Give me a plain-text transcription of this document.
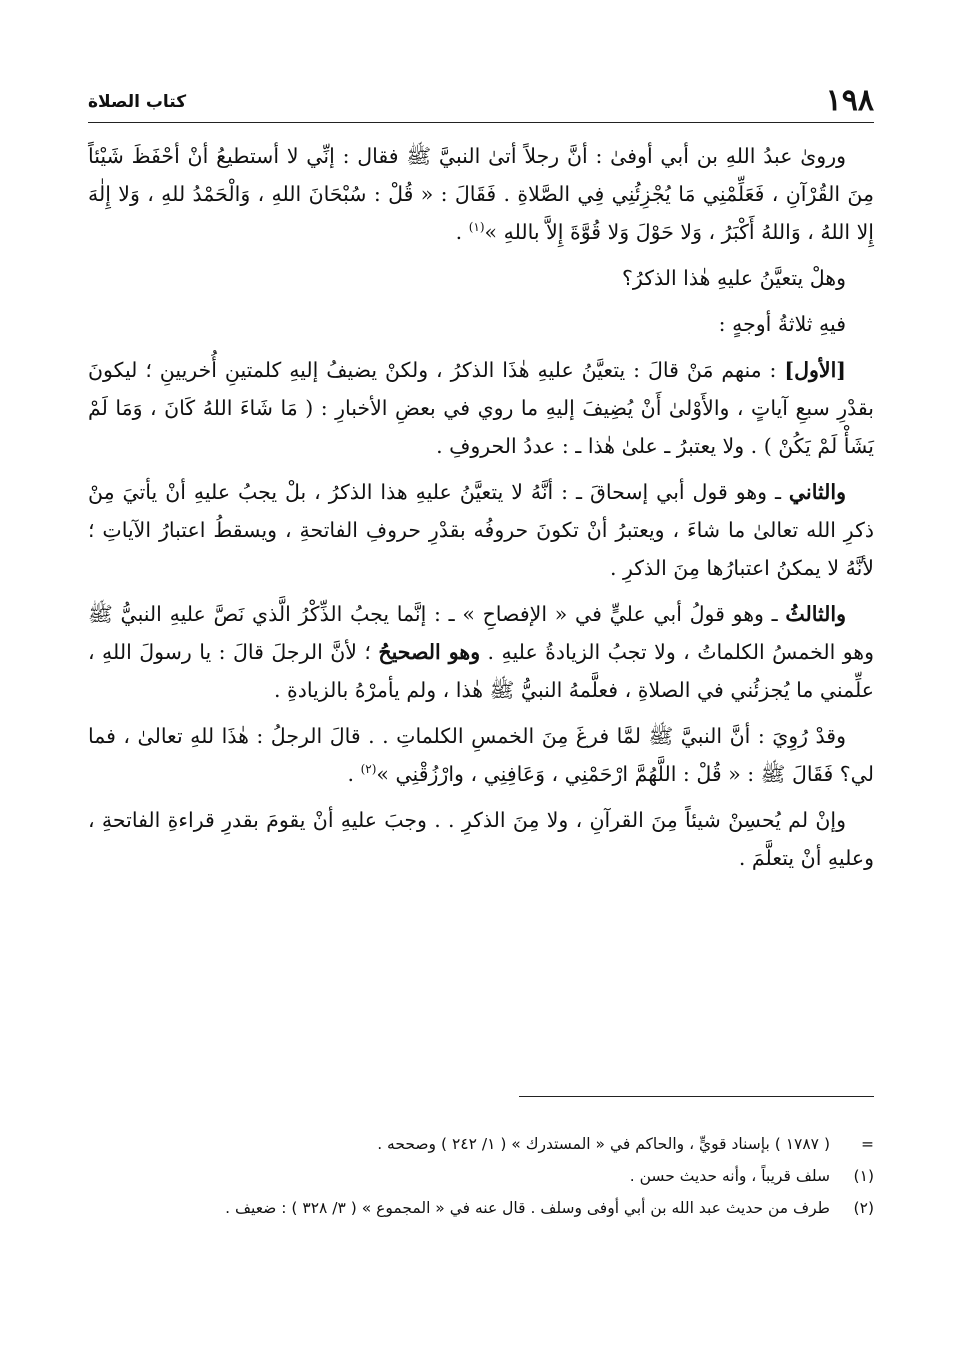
١٩٨
كتاب الصلاة

وروىٰ عبدُ اللهِ بن أبي أوفىٰ : أنَّ رجلاً أتىٰ النبيَّ ﷺ فقال : إنِّي لا أستطيعُ أنْ أحْفَظَ شَيْئاً مِنَ القُرْآنِ ، فَعَلِّمْنِي مَا يُجْزِئُنِي فِي الصَّلاةِ . فَقَالَ : « قُلْ : سُبْحَانَ اللهِ ، وَالْحَمْدُ للهِ ، وَلا إِلٰهَ إِلا اللهُ ، وَاللهُ أَكْبَرُ ، وَلا حَوْلَ وَلا قُوَّةَ إِلاَّ باللهِ »$^{(١)}$ .

وهلْ يتعيَّنُ عليهِ هٰذا الذكرُ؟

فيهِ ثلاثةُ أوجهٍ :

[الأول] : منهم مَنْ قالَ : يتعيَّنُ عليهِ هٰذَا الذكرُ ، ولكنْ يضيفُ إليهِ كلمتينِ أُخريينِ ؛ ليكونَ بقدْرِ سبعِ آياتٍ ، والأَوْلىٰ أَنْ يُضِيفَ إليهِ ما روي في بعضِ الأخبارِ : ( مَا شَاءَ اللهُ كَانَ ، وَمَا لَمْ يَشَأْ لَمْ يَكُنْ ) . ولا يعتبرُ ـ علىٰ هٰذا ـ : عددُ الحروفِ .

والثاني ـ وهو قول أبي إسحاقَ ـ : أنَّهُ لا يتعيَّنُ عليهِ هذا الذكرُ ، بلْ يجبُ عليهِ أنْ يأتيَ مِنْ ذكرِ الله تعالىٰ ما شاءَ ، ويعتبرُ أنْ تكونَ حروفُه بقدْرِ حروفِ الفاتحةِ ، ويسقطُ اعتبارُ الآياتِ ؛ لأنَّهُ لا يمكنُ اعتبارُها مِنَ الذكرِ .

والثالثُ ـ وهو قولُ أبي عليٍّ في « الإفصاحِ » ـ : إنَّما يجبُ الذِّكْرُ الَّذي نَصَّ عليهِ النبيُّ ﷺ وهو الخمسُ الكلماتُ ، ولا تجبُ الزيادةُ عليهِ . وهو الصحيحُ ؛ لأنَّ الرجلَ قالَ : يا رسولَ اللهِ ، علِّمني ما يُجزئُني في الصلاةِ ، فعلَّمهُ النبيُّ ﷺ هٰذا ، ولم يأمرْهُ بالزيادةِ .

وقدْ رُوِيَ : أنَّ النبيَّ ﷺ لمَّا فرغَ مِنَ الخمسِ الكلماتِ . . قالَ الرجلُ : هٰذَا للهِ تعالىٰ ، فما لي؟ فَقَالَ ﷺ : « قُلْ : اللَّهُمَّ ارْحَمْنِي ، وَعَافِنِي ، وارْزُقْنِي »$^{(٢)}$ .

وإنْ لم يُحسِنْ شيئاً مِنَ القرآنِ ، ولا مِنَ الذكرِ . . وجبَ عليهِ أنْ يقومَ بقدرِ قراءةِ الفاتحةِ ، وعليهِ أنْ يتعلَّمَ .

=
( ١٧٨٧ ) بإسناد قويٍّ ، والحاكم في « المستدرك » ( ١/ ٢٤٢ ) وصححه .
(١)
سلف قريباً ، وأنه حديث حسن .
(٢)
طرف من حديث عبد الله بن أبي أوفى وسلف . قال عنه في « المجموع » ( ٣/ ٣٢٨ ) : ضعيف .
